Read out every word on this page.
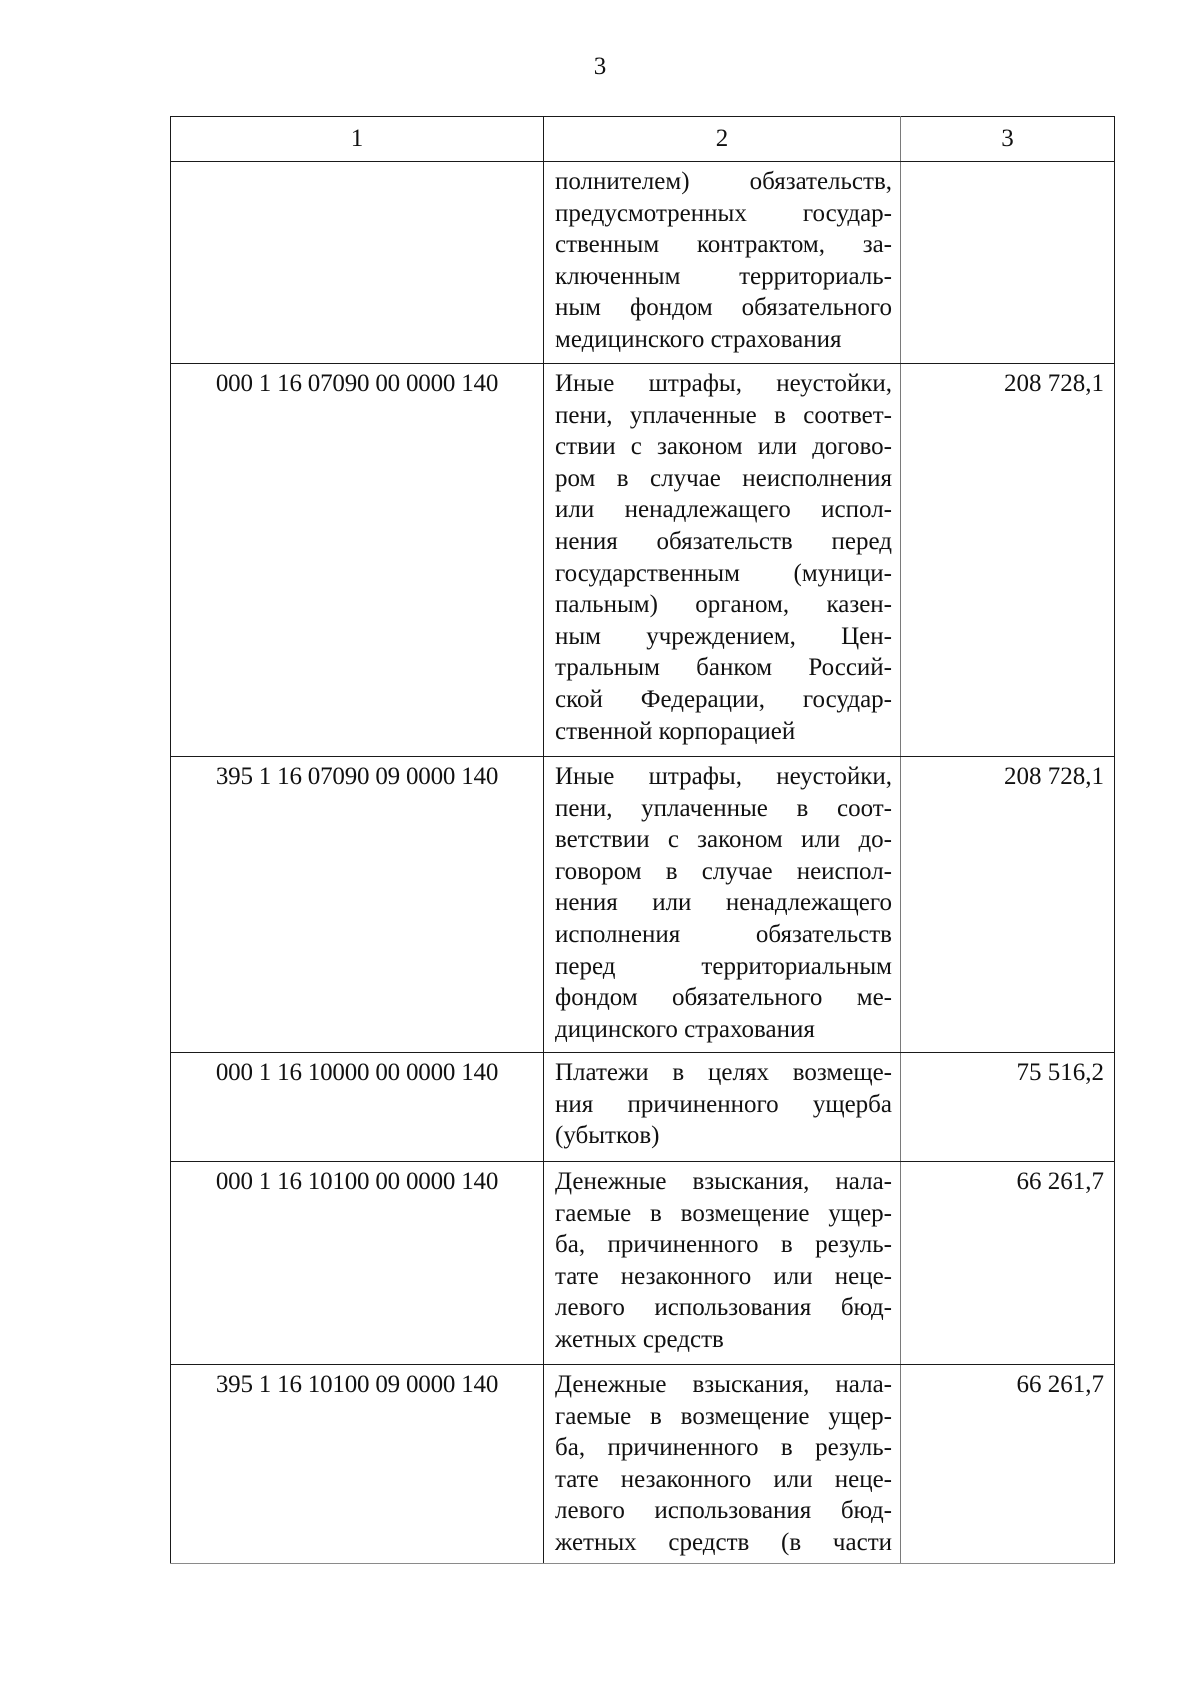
3
1	2	3

полнителем) обязательств,
предусмотренных государ-
ственным контрактом, за-
ключенным территориаль-
ным фондом обязательного
медицинского страхования

000 1 16 07090 00 0000 140	Иные штрафы, неустойки,
пени, уплаченные в соответ-
ствии с законом или догово-
ром в случае неисполнения
или ненадлежащего испол-
нения обязательств перед
государственным (муници-
пальным) органом, казен-
ным учреждением, Цен-
тральным банком Россий-
ской Федерации, государ-
ственной корпорацией
	208 728,1
395 1 16 07090 09 0000 140	Иные штрафы, неустойки,
пени, уплаченные в соот-
ветствии с законом или до-
говором в случае неиспол-
нения или ненадлежащего
исполнения обязательств
перед территориальным
фондом обязательного ме-
дицинского страхования
	208 728,1
000 1 16 10000 00 0000 140	Платежи в целях возмеще-
ния причиненного ущерба
(убытков)	75 516,2
000 1 16 10100 00 0000 140	Денежные взыскания, нала-
гаемые в возмещение ущер-
ба, причиненного в резуль-
тате незаконного или неце-
левого использования бюд-
жетных средств
	66 261,7
395 1 16 10100 09 0000 140	Денежные взыскания, нала-
гаемые в возмещение ущер-
ба, причиненного в резуль-
тате незаконного или неце-
левого использования бюд-
жетных средств (в части
	66 261,7
